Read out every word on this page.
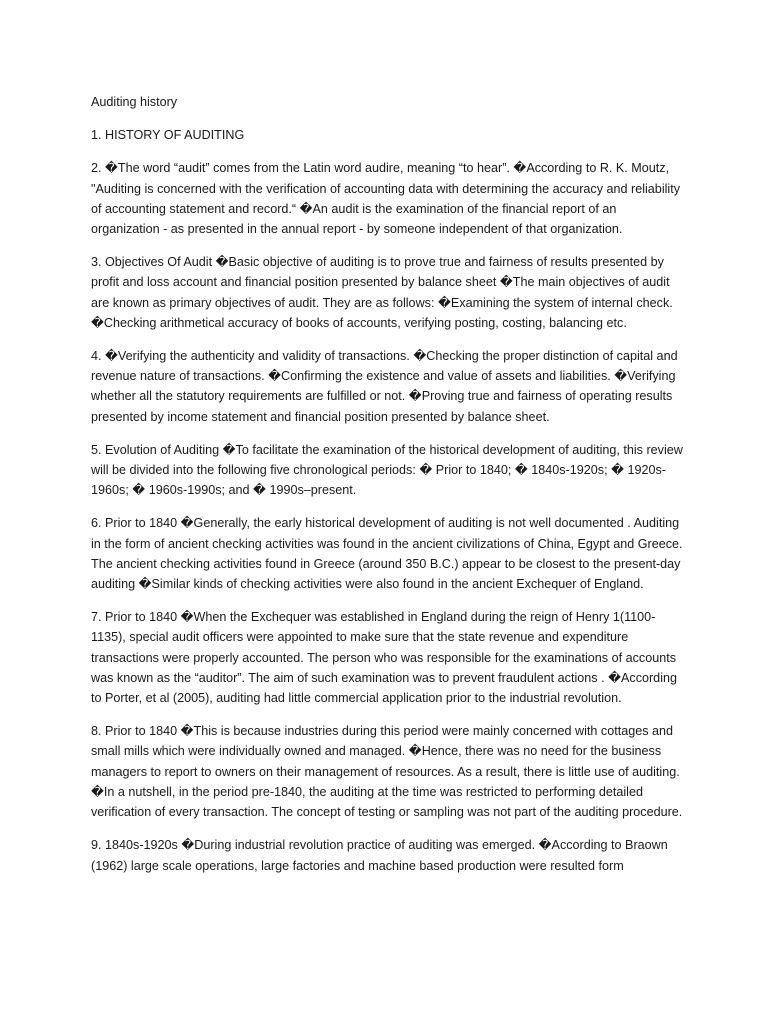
Auditing history

1. HISTORY OF AUDITING

2. �The word “audit” comes from the Latin word audire, meaning “to hear”. �According to R. K. Moutz, "Auditing is concerned with the verification of accounting data with determining the accuracy and reliability of accounting statement and record.“ �An audit is the examination of the financial report of an organization - as presented in the annual report - by someone independent of that organization.

3. Objectives Of Audit �Basic objective of auditing is to prove true and fairness of results presented by profit and loss account and financial position presented by balance sheet �The main objectives of audit are known as primary objectives of audit. They are as follows: �Examining the system of internal check. �Checking arithmetical accuracy of books of accounts, verifying posting, costing, balancing etc.

4. �Verifying the authenticity and validity of transactions. �Checking the proper distinction of capital and revenue nature of transactions. �Confirming the existence and value of assets and liabilities. �Verifying whether all the statutory requirements are fulfilled or not. �Proving true and fairness of operating results presented by income statement and financial position presented by balance sheet.

5. Evolution of Auditing �To facilitate the examination of the historical development of auditing, this review will be divided into the following five chronological periods: � Prior to 1840; � 1840s-1920s; � 1920s-1960s; � 1960s-1990s; and � 1990s–present.

6. Prior to 1840 �Generally, the early historical development of auditing is not well documented . Auditing in the form of ancient checking activities was found in the ancient civilizations of China, Egypt and Greece. The ancient checking activities found in Greece (around 350 B.C.) appear to be closest to the present-day auditing �Similar kinds of checking activities were also found in the ancient Exchequer of England.

7. Prior to 1840 �When the Exchequer was established in England during the reign of Henry 1(1100-1135), special audit officers were appointed to make sure that the state revenue and expenditure transactions were properly accounted. The person who was responsible for the examinations of accounts was known as the “auditor”. The aim of such examination was to prevent fraudulent actions . �According to Porter, et al (2005), auditing had little commercial application prior to the industrial revolution.

8. Prior to 1840 �This is because industries during this period were mainly concerned with cottages and small mills which were individually owned and managed. �Hence, there was no need for the business managers to report to owners on their management of resources. As a result, there is little use of auditing. �In a nutshell, in the period pre-1840, the auditing at the time was restricted to performing detailed verification of every transaction. The concept of testing or sampling was not part of the auditing procedure.

9. 1840s-1920s �During industrial revolution practice of auditing was emerged. �According to Braown (1962) large scale operations, large factories and machine based production were resulted form
